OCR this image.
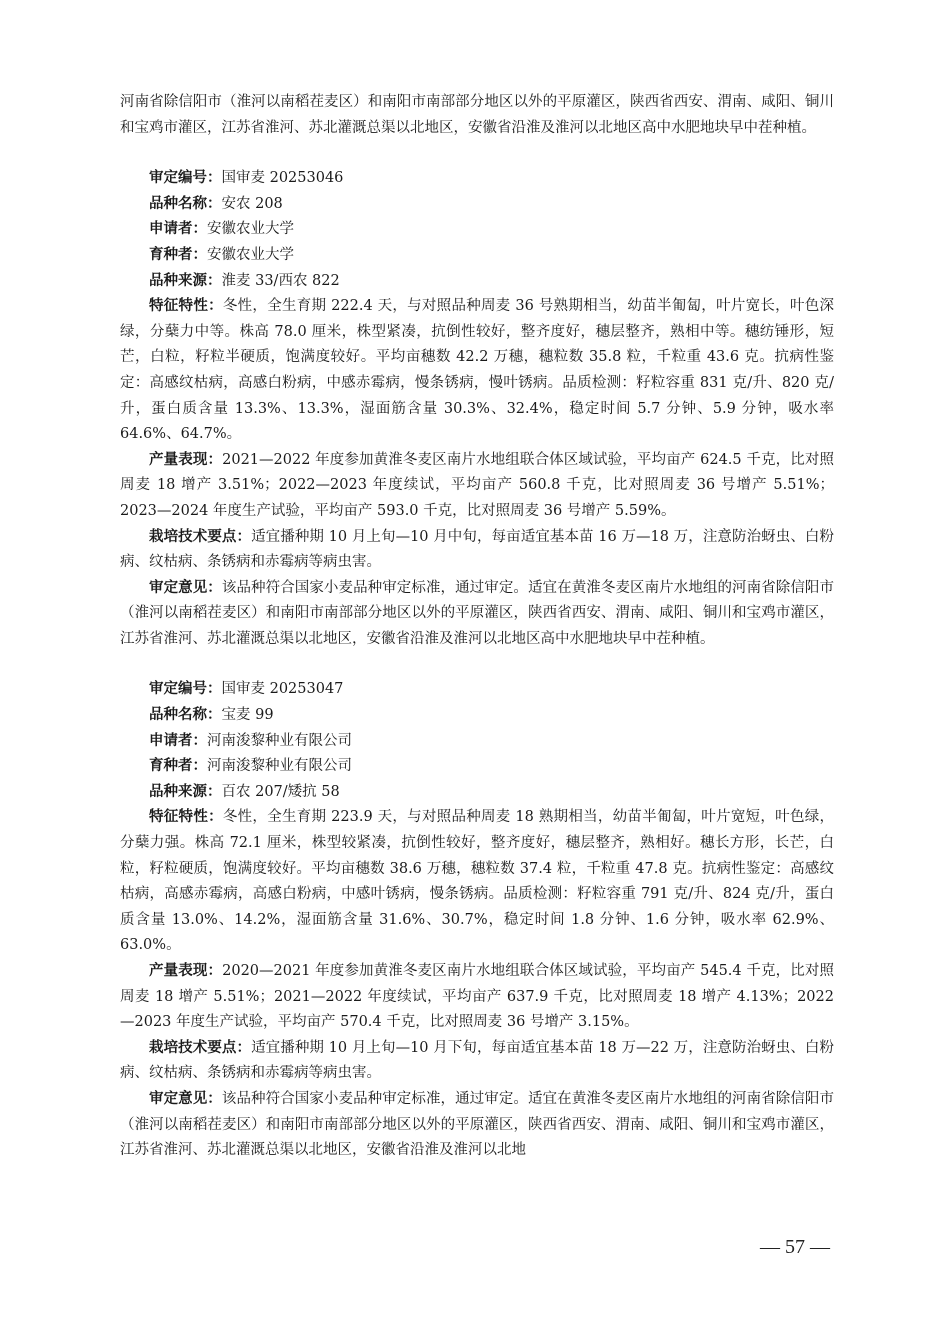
河南省除信阳市（淮河以南稻茬麦区）和南阳市南部部分地区以外的平原灌区，陕西省西安、渭南、咸阳、铜川和宝鸡市灌区，江苏省淮河、苏北灌溉总渠以北地区，安徽省沿淮及淮河以北地区高中水肥地块早中茬种植。

审定编号：国审麦 20253046

品种名称：安农 208

申请者：安徽农业大学

育种者：安徽农业大学

品种来源：淮麦 33/西农 822

特征特性：冬性，全生育期 222.4 天，与对照品种周麦 36 号熟期相当，幼苗半匍匐，叶片宽长，叶色深绿，分蘖力中等。株高 78.0 厘米，株型紧凑，抗倒性较好，整齐度好，穗层整齐，熟相中等。穗纺锤形，短芒，白粒，籽粒半硬质，饱满度较好。平均亩穗数 42.2 万穗，穗粒数 35.8 粒，千粒重 43.6 克。抗病性鉴定：高感纹枯病，高感白粉病，中感赤霉病，慢条锈病，慢叶锈病。品质检测：籽粒容重 831 克/升、820 克/升，蛋白质含量 13.3%、13.3%，湿面筋含量 30.3%、32.4%，稳定时间 5.7 分钟、5.9 分钟，吸水率 64.6%、64.7%。

产量表现：2021—2022 年度参加黄淮冬麦区南片水地组联合体区域试验，平均亩产 624.5 千克，比对照周麦 18 增产 3.51%；2022—2023 年度续试，平均亩产 560.8 千克，比对照周麦 36 号增产 5.51%；2023—2024 年度生产试验，平均亩产 593.0 千克，比对照周麦 36 号增产 5.59%。

栽培技术要点：适宜播种期 10 月上旬—10 月中旬，每亩适宜基本苗 16 万—18 万，注意防治蚜虫、白粉病、纹枯病、条锈病和赤霉病等病虫害。

审定意见：该品种符合国家小麦品种审定标准，通过审定。适宜在黄淮冬麦区南片水地组的河南省除信阳市（淮河以南稻茬麦区）和南阳市南部部分地区以外的平原灌区，陕西省西安、渭南、咸阳、铜川和宝鸡市灌区，江苏省淮河、苏北灌溉总渠以北地区，安徽省沿淮及淮河以北地区高中水肥地块早中茬种植。

审定编号：国审麦 20253047

品种名称：宝麦 99

申请者：河南浚黎种业有限公司

育种者：河南浚黎种业有限公司

品种来源：百农 207/矮抗 58

特征特性：冬性，全生育期 223.9 天，与对照品种周麦 18 熟期相当，幼苗半匍匐，叶片宽短，叶色绿，分蘖力强。株高 72.1 厘米，株型较紧凑，抗倒性较好，整齐度好，穗层整齐，熟相好。穗长方形，长芒，白粒，籽粒硬质，饱满度较好。平均亩穗数 38.6 万穗，穗粒数 37.4 粒，千粒重 47.8 克。抗病性鉴定：高感纹枯病，高感赤霉病，高感白粉病，中感叶锈病，慢条锈病。品质检测：籽粒容重 791 克/升、824 克/升，蛋白质含量 13.0%、14.2%，湿面筋含量 31.6%、30.7%，稳定时间 1.8 分钟、1.6 分钟，吸水率 62.9%、63.0%。

产量表现：2020—2021 年度参加黄淮冬麦区南片水地组联合体区域试验，平均亩产 545.4 千克，比对照周麦 18 增产 5.51%；2021—2022 年度续试，平均亩产 637.9 千克，比对照周麦 18 增产 4.13%；2022—2023 年度生产试验，平均亩产 570.4 千克，比对照周麦 36 号增产 3.15%。

栽培技术要点：适宜播种期 10 月上旬—10 月下旬，每亩适宜基本苗 18 万—22 万，注意防治蚜虫、白粉病、纹枯病、条锈病和赤霉病等病虫害。

审定意见：该品种符合国家小麦品种审定标准，通过审定。适宜在黄淮冬麦区南片水地组的河南省除信阳市（淮河以南稻茬麦区）和南阳市南部部分地区以外的平原灌区，陕西省西安、渭南、咸阳、铜川和宝鸡市灌区，江苏省淮河、苏北灌溉总渠以北地区，安徽省沿淮及淮河以北地

— 57 —
